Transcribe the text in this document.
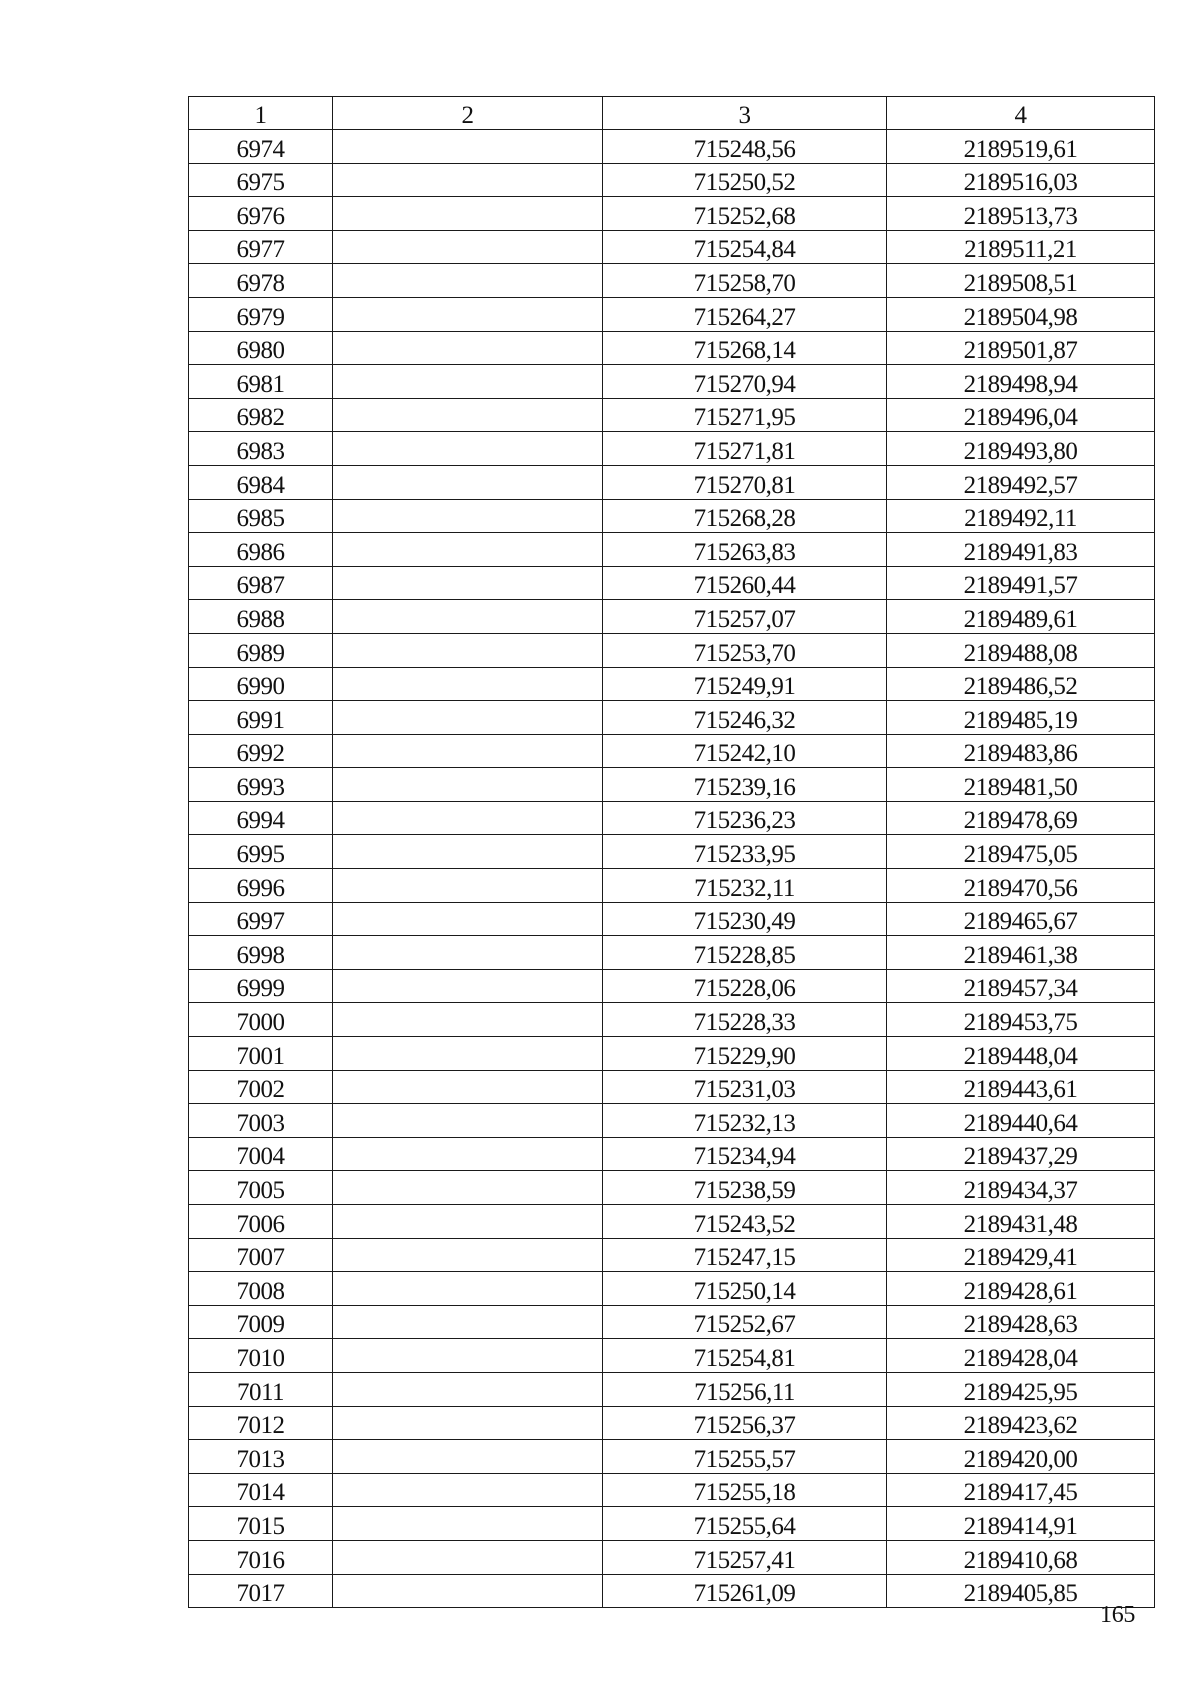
1	2	3	4
6974		715248,56	2189519,61
6975		715250,52	2189516,03
6976		715252,68	2189513,73
6977		715254,84	2189511,21
6978		715258,70	2189508,51
6979		715264,27	2189504,98
6980		715268,14	2189501,87
6981		715270,94	2189498,94
6982		715271,95	2189496,04
6983		715271,81	2189493,80
6984		715270,81	2189492,57
6985		715268,28	2189492,11
6986		715263,83	2189491,83
6987		715260,44	2189491,57
6988		715257,07	2189489,61
6989		715253,70	2189488,08
6990		715249,91	2189486,52
6991		715246,32	2189485,19
6992		715242,10	2189483,86
6993		715239,16	2189481,50
6994		715236,23	2189478,69
6995		715233,95	2189475,05
6996		715232,11	2189470,56
6997		715230,49	2189465,67
6998		715228,85	2189461,38
6999		715228,06	2189457,34
7000		715228,33	2189453,75
7001		715229,90	2189448,04
7002		715231,03	2189443,61
7003		715232,13	2189440,64
7004		715234,94	2189437,29
7005		715238,59	2189434,37
7006		715243,52	2189431,48
7007		715247,15	2189429,41
7008		715250,14	2189428,61
7009		715252,67	2189428,63
7010		715254,81	2189428,04
7011		715256,11	2189425,95
7012		715256,37	2189423,62
7013		715255,57	2189420,00
7014		715255,18	2189417,45
7015		715255,64	2189414,91
7016		715257,41	2189410,68
7017		715261,09	2189405,85
165
